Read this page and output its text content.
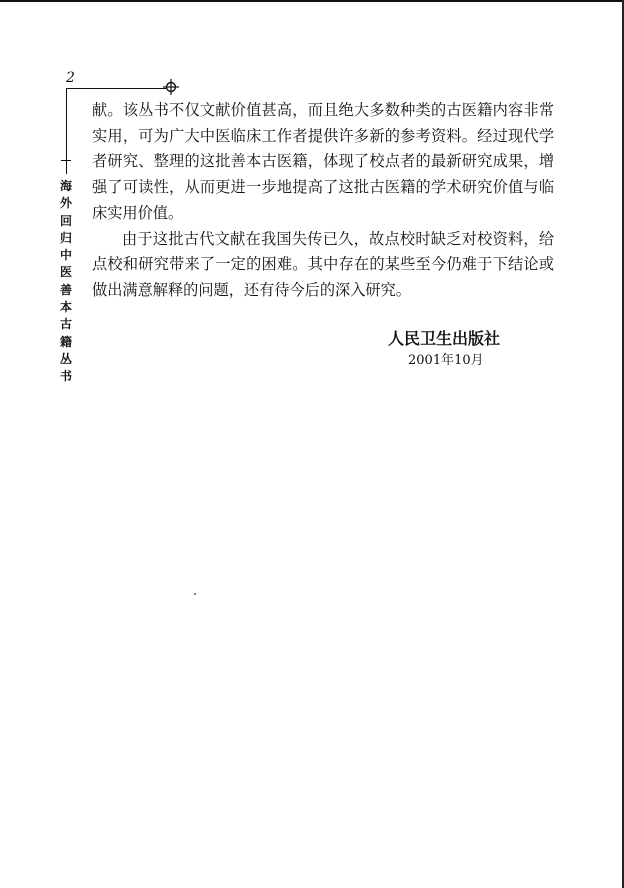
2
海
外
回
归
中
医
善
本
古
籍
丛
书

献。该丛书不仅文献价值甚高，而且绝大多数种类的古医籍内容非常实用，可为广大中医临床工作者提供许多新的参考资料。经过现代学者研究、整理的这批善本古医籍，体现了校点者的最新研究成果，增强了可读性，从而更进一步地提高了这批古医籍的学术研究价值与临床实用价值。

由于这批古代文献在我国失传已久，故点校时缺乏对校资料，给点校和研究带来了一定的困难。其中存在的某些至今仍难于下结论或做出满意解释的问题，还有待今后的深入研究。

人民卫生出版社
2001年10月
